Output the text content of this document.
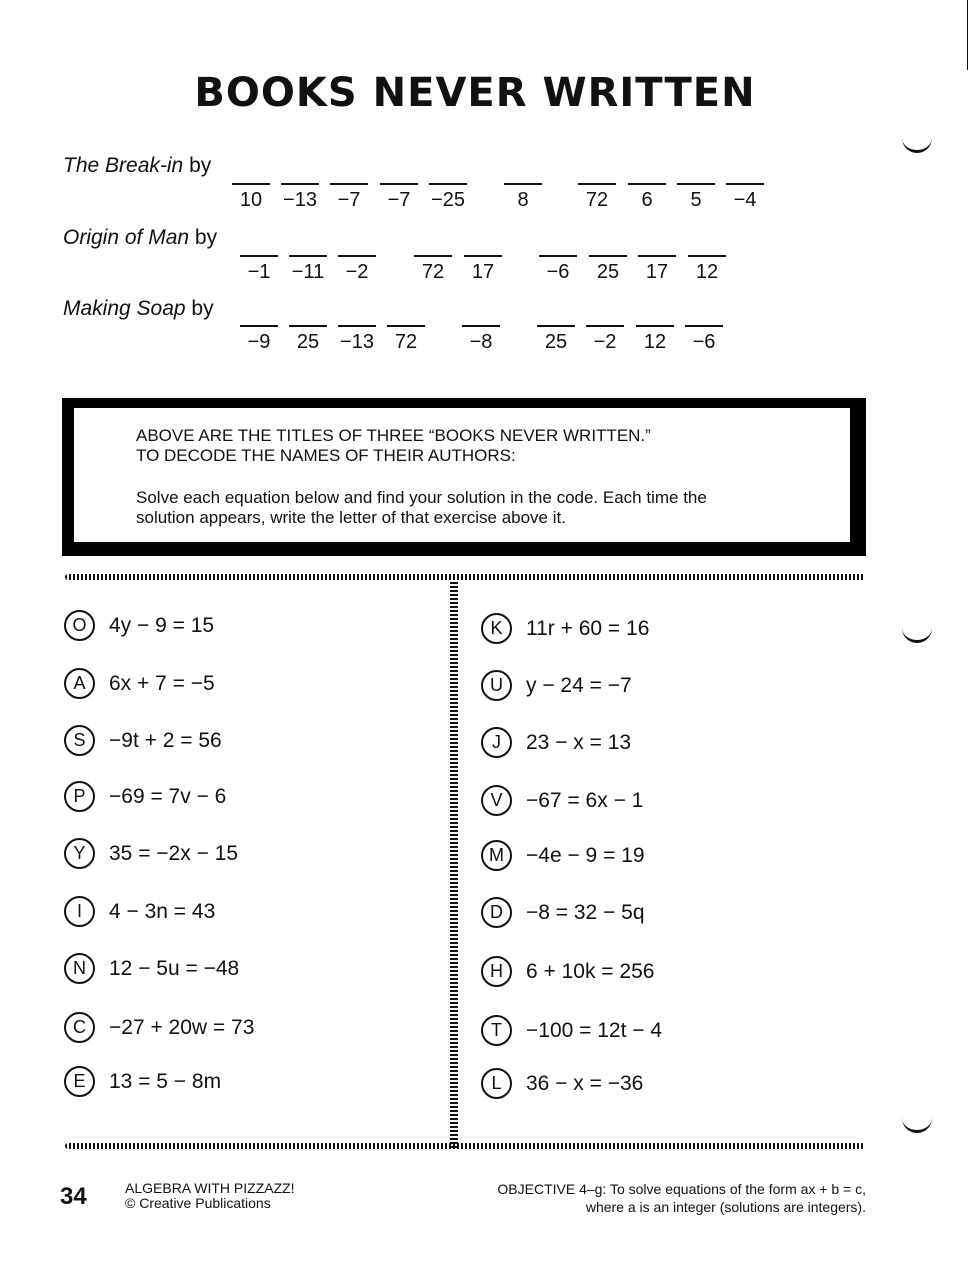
BOOKS NEVER WRITTEN
The Break-in by
10	−13	−7	−7	−25	8	72	6	5	−4
Origin of Man by
−1	−11	−2	72	17	−6	25	17	12
Making Soap by
−9	25	−13	72	−8	25	−2	12	−6
ABOVE ARE THE TITLES OF THREE “BOOKS NEVER WRITTEN.”
TO DECODE THE NAMES OF THEIR AUTHORS:
Solve each equation below and find your solution in the code. Each time the
solution appears, write the letter of that exercise above it.
O	4y − 9 = 15
A	6x + 7 = −5
S	−9t + 2 = 56
P	−69 = 7v − 6
Y	35 = −2x − 15
I	4 − 3n = 43
N	12 − 5u = −48
C	−27 + 20w = 73
E	13 = 5 − 8m
K	11r + 60 = 16
U	y − 24 = −7
J	23 − x = 13
V	−67 = 6x − 1
M	−4e − 9 = 19
D	−8 = 32 − 5q
H	6 + 10k = 256
T	−100 = 12t − 4
L	36 − x = −36
34	ALGEBRA WITH PIZZAZZ!
© Creative Publications
OBJECTIVE 4–g: To solve equations of the form ax + b = c,
where a is an integer (solutions are integers).
